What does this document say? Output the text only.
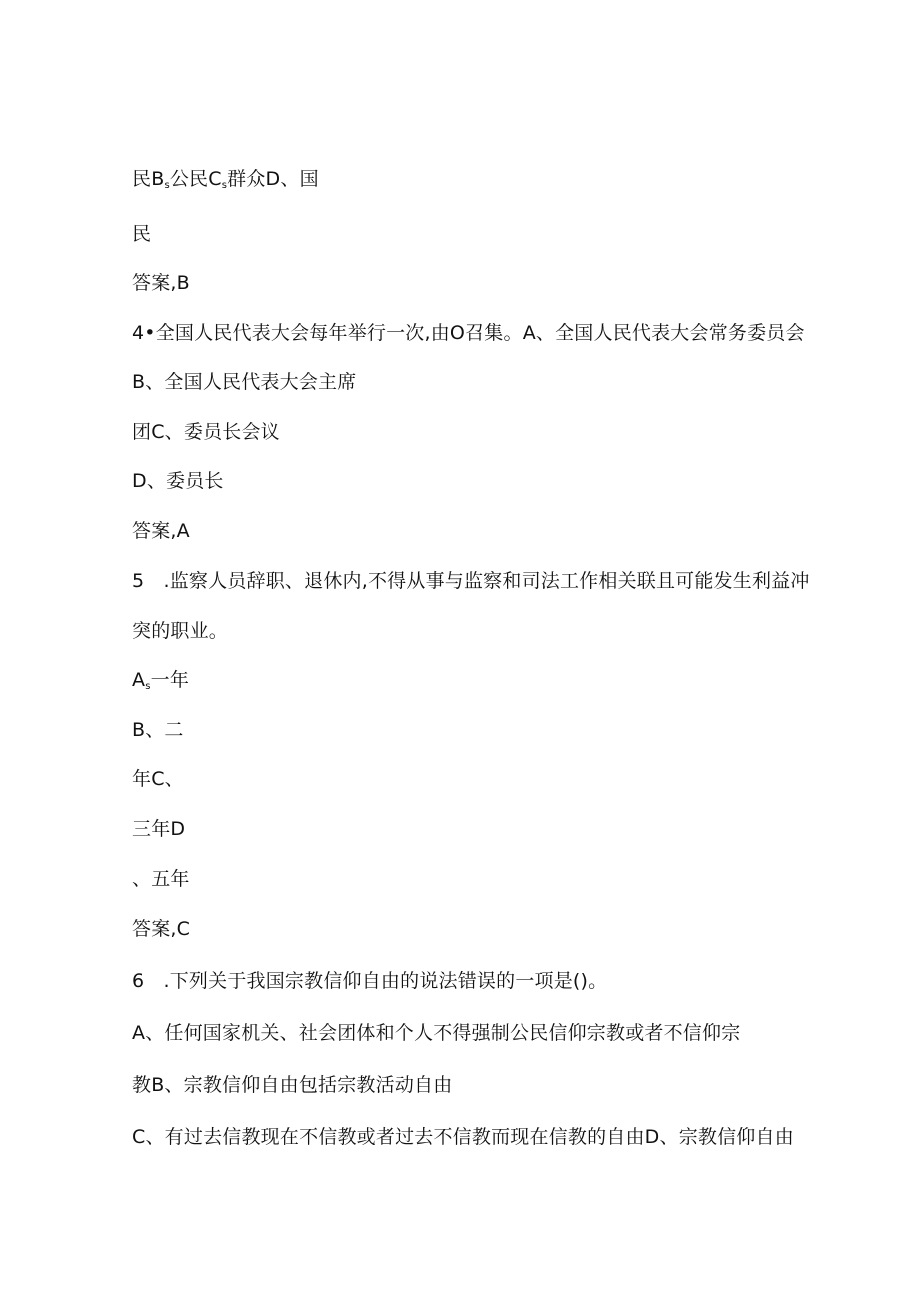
民$B_s$公民$C_s$群众D、国
民
答案,B
4•全国人民代表大会每年举行一次,由O召集。A、全国人民代表大会常务委员会
B、全国人民代表大会主席
团C、委员长会议
D、委员长
答案,A
5　.监察人员辞职、退休内,不得从事与监察和司法工作相关联且可能发生利益冲
突的职业。
$A_s$一年
B、二
年C、
三年D
、五年
答案,C
6　.下列关于我国宗教信仰自由的说法错误的一项是()。
A、任何国家机关、社会团体和个人不得强制公民信仰宗教或者不信仰宗
教B、宗教信仰自由包括宗教活动自由
C、有过去信教现在不信教或者过去不信教而现在信教的自由D、宗教信仰自由
